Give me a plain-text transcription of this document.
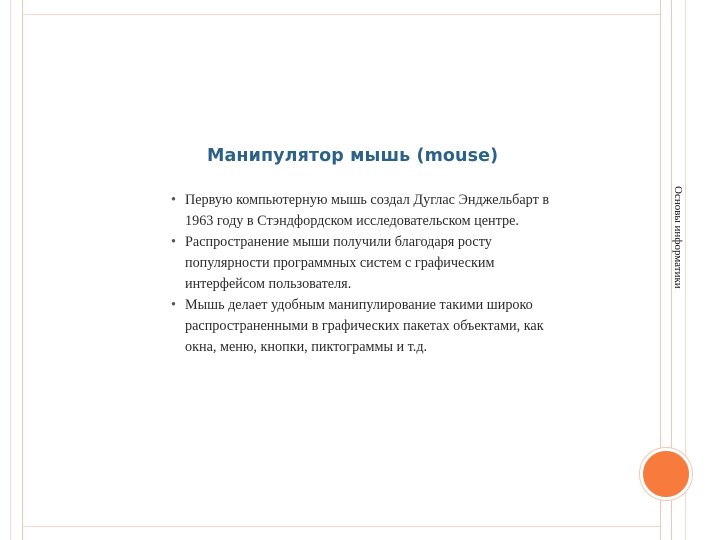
Основы информатики
Манипулятор мышь (mouse)
• Первую компьютерную мышь создал Дуглас Энджельбарт в 1963 году в Стэндфордском исследовательском центре.
• Распространение мыши получили благодаря росту популярности программных систем с графическим интерфейсом пользователя.
• Мышь делает удобным манипулирование такими широко распространенными в графических пакетах объектами, как окна, меню, кнопки, пиктограммы и т.д.
